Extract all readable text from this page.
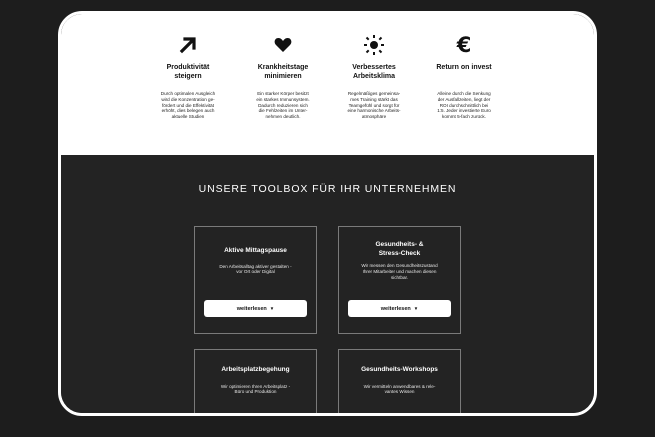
Produktivität
steigern
Durch optimalen Ausgleich
wird die Konzentration ge-
fördert und die Effektivität
erhöht, dies belegen auch
aktuelle Studien
Krankheitstage
minimieren
Ein starker Körper besitzt
ein starkes Immunsystem.
Dadurch reduzieren sich
die Fehlzeiten im Unter-
nehmen deutlich.
Verbessertes
Arbeitsklima
Regelmäßiges gemeinsa-
mes Training stärkt das
Teamgefühl und sorgt für
eine harmonische Arbeits-
atmosphäre
€
Return on invest
Alleine durch die Senkung
der Ausfallzeiten, liegt der
ROI durchschnittlich bei
1:5. Jeder investierte Euro
kommt 5-fach zurück.
UNSERE TOOLBOX FÜR IHR UNTERNEHMEN
Aktive Mittagspause
Den Arbeitsalltag aktiver gestalten -
vor Ort oder Digital
weiterlesen ▼
Gesundheits- &
Stress-Check
Wir messen den Gesundheitszustand
Ihrer Mitarbeiter und machen diesen
sichtbar.
weiterlesen ▼
Arbeitsplatzbegehung
Wir optimieren Ihren Arbeitsplatz -
Büro und Produktion
Gesundheits-Workshops
Wir vermitteln anwendbares & rele-
vantes Wissen
